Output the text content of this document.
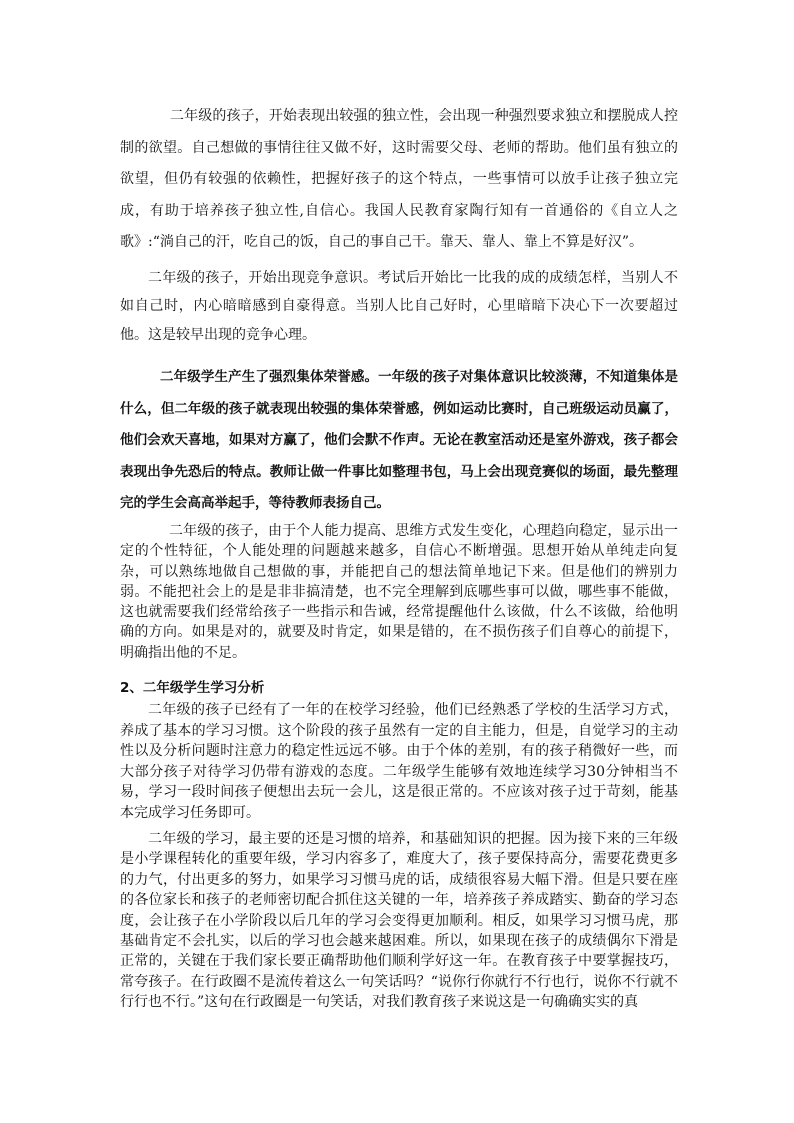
二年级的孩子，开始表现出较强的独立性，会出现一种强烈要求独立和摆脱成人控制的欲望。自己想做的事情往往又做不好，这时需要父母、老师的帮助。他们虽有独立的欲望，但仍有较强的依赖性，把握好孩子的这个特点，一些事情可以放手让孩子独立完成，有助于培养孩子独立性,自信心。我国人民教育家陶行知有一首通俗的《自立人之歌》:“淌自己的汗，吃自己的饭，自己的事自己干。靠天、靠人、靠上不算是好汉”。

二年级的孩子，开始出现竞争意识。考试后开始比一比我的成的成绩怎样，当别人不如自己时，内心暗暗感到自豪得意。当别人比自己好时，心里暗暗下决心下一次要超过他。这是较早出现的竞争心理。

二年级学生产生了强烈集体荣誉感。一年级的孩子对集体意识比较淡薄，不知道集体是什么，但二年级的孩子就表现出较强的集体荣誉感，例如运动比赛时，自己班级运动员赢了，他们会欢天喜地，如果对方赢了，他们会默不作声。无论在教室活动还是室外游戏，孩子都会表现出争先恐后的特点。教师让做一件事比如整理书包，马上会出现竞赛似的场面，最先整理完的学生会高高举起手，等待教师表扬自己。

二年级的孩子，由于个人能力提高、思维方式发生变化，心理趋向稳定，显示出一定的个性特征，个人能处理的问题越来越多，自信心不断增强。思想开始从单纯走向复杂，可以熟练地做自己想做的事，并能把自己的想法简单地记下来。但是他们的辨别力弱。不能把社会上的是是非非搞清楚，也不完全理解到底哪些事可以做，哪些事不能做，这也就需要我们经常给孩子一些指示和告诫，经常提醒他什么该做，什么不该做，给他明确的方向。如果是对的，就要及时肯定，如果是错的，在不损伤孩子们自尊心的前提下，明确指出他的不足。

2、二年级学生学习分析

二年级的孩子已经有了一年的在校学习经验，他们已经熟悉了学校的生活学习方式，养成了基本的学习习惯。这个阶段的孩子虽然有一定的自主能力，但是，自觉学习的主动性以及分析问题时注意力的稳定性远远不够。由于个体的差别，有的孩子稍微好一些，而大部分孩子对待学习仍带有游戏的态度。二年级学生能够有效地连续学习30分钟相当不易，学习一段时间孩子便想出去玩一会儿，这是很正常的。不应该对孩子过于苛刻，能基本完成学习任务即可。

二年级的学习，最主要的还是习惯的培养，和基础知识的把握。因为接下来的三年级是小学课程转化的重要年级，学习内容多了，难度大了，孩子要保持高分，需要花费更多的力气，付出更多的努力，如果学习习惯马虎的话，成绩很容易大幅下滑。但是只要在座的各位家长和孩子的老师密切配合抓住这关键的一年，培养孩子养成踏实、勤奋的学习态度，会让孩子在小学阶段以后几年的学习会变得更加顺利。相反，如果学习习惯马虎，那基础肯定不会扎实，以后的学习也会越来越困难。所以，如果现在孩子的成绩偶尔下滑是正常的，关键在于我们家长要正确帮助他们顺利学好这一年。在教育孩子中要掌握技巧，常夸孩子。在行政圈不是流传着这么一句笑话吗？“说你行你就行不行也行，说你不行就不行行也不行。”这句在行政圈是一句笑话，对我们教育孩子来说这是一句确确实实的真
